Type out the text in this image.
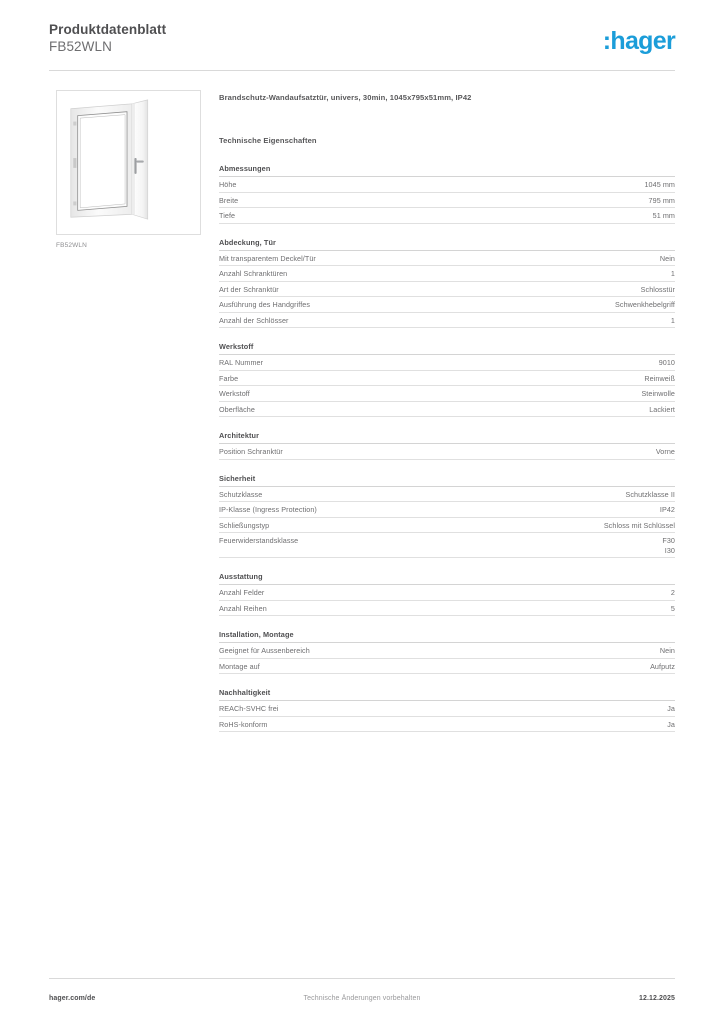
Produktdatenblatt
FB52WLN	:hager
FB52WLN
Brandschutz-Wandaufsatztür, univers, 30min, 1045x795x51mm, IP42
Technische Eigenschaften
Abmessungen
Höhe	1045 mm
Breite	795 mm
Tiefe	51 mm
Abdeckung, Tür
Mit transparentem Deckel/Tür	Nein
Anzahl Schranktüren	1
Art der Schranktür	Schlosstür
Ausführung des Handgriffes	Schwenkhebelgriff
Anzahl der Schlösser	1
Werkstoff
RAL Nummer	9010
Farbe	Reinweiß
Werkstoff	Steinwolle
Oberfläche	Lackiert
Architektur
Position Schranktür	Vorne
Sicherheit
Schutzklasse	Schutzklasse II
IP-Klasse (Ingress Protection)	IP42
Schließungstyp	Schloss mit Schlüssel
Feuerwiderstandsklasse	F30
I30
Ausstattung
Anzahl Felder	2
Anzahl Reihen	5
Installation, Montage
Geeignet für Aussenbereich	Nein
Montage auf	Aufputz
Nachhaltigkeit
REACh-SVHC frei	Ja
RoHS-konform	Ja
hager.com/de	Technische Änderungen vorbehalten	12.12.2025
